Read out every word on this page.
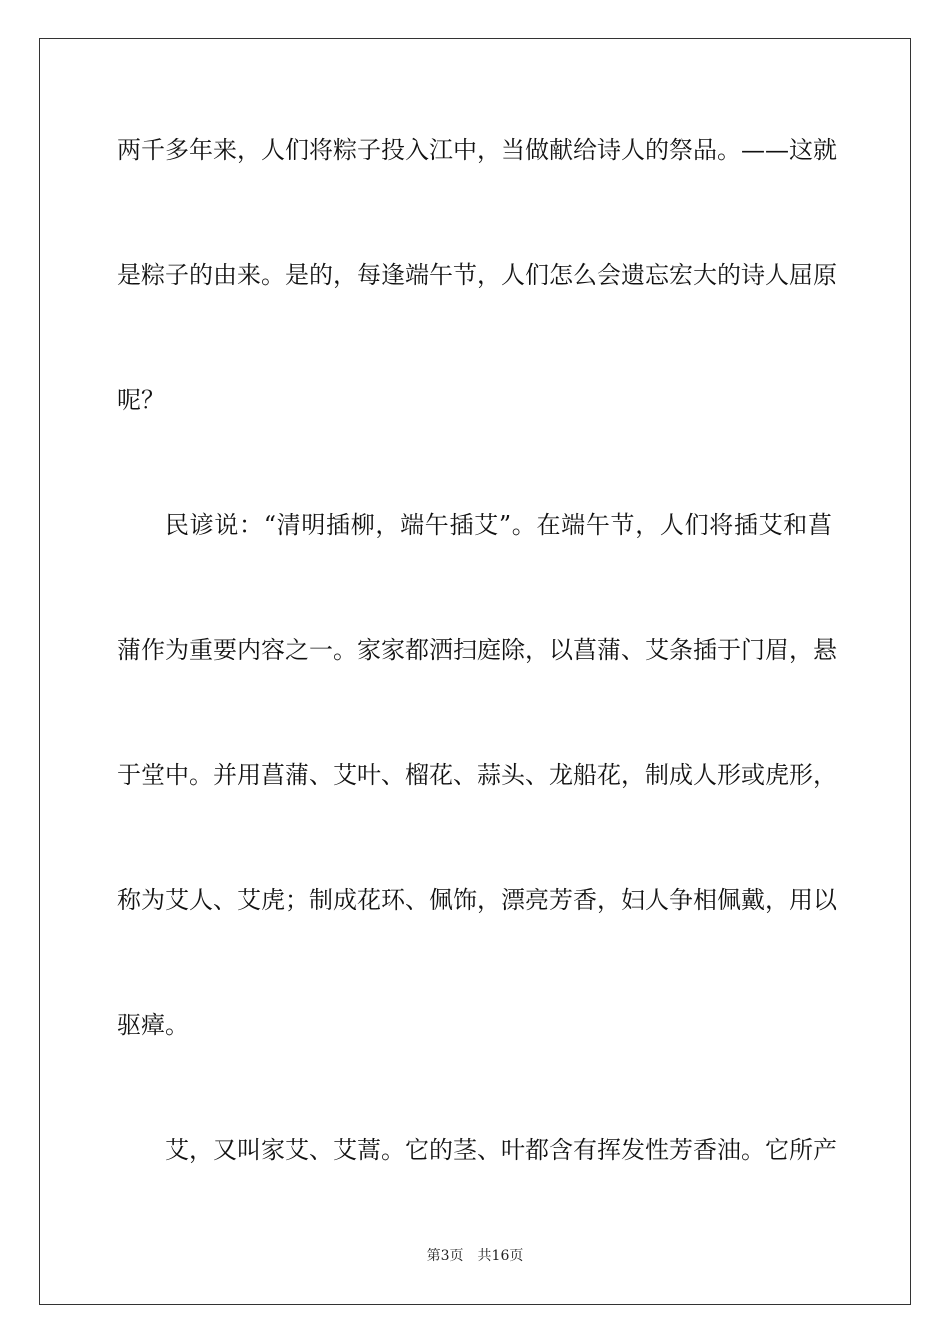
两千多年来，人们将粽子投入江中，当做献给诗人的祭品。——这就
是粽子的由来。是的，每逢端午节，人们怎么会遗忘宏大的诗人屈原
呢？
民谚说：“清明插柳，端午插艾”。在端午节，人们将插艾和菖
蒲作为重要内容之一。家家都洒扫庭除，以菖蒲、艾条插于门眉，悬
于堂中。并用菖蒲、艾叶、榴花、蒜头、龙船花，制成人形或虎形，
称为艾人、艾虎；制成花环、佩饰，漂亮芳香，妇人争相佩戴，用以
驱瘴。
艾，又叫家艾、艾蒿。它的茎、叶都含有挥发性芳香油。它所产
第3页 共16页
